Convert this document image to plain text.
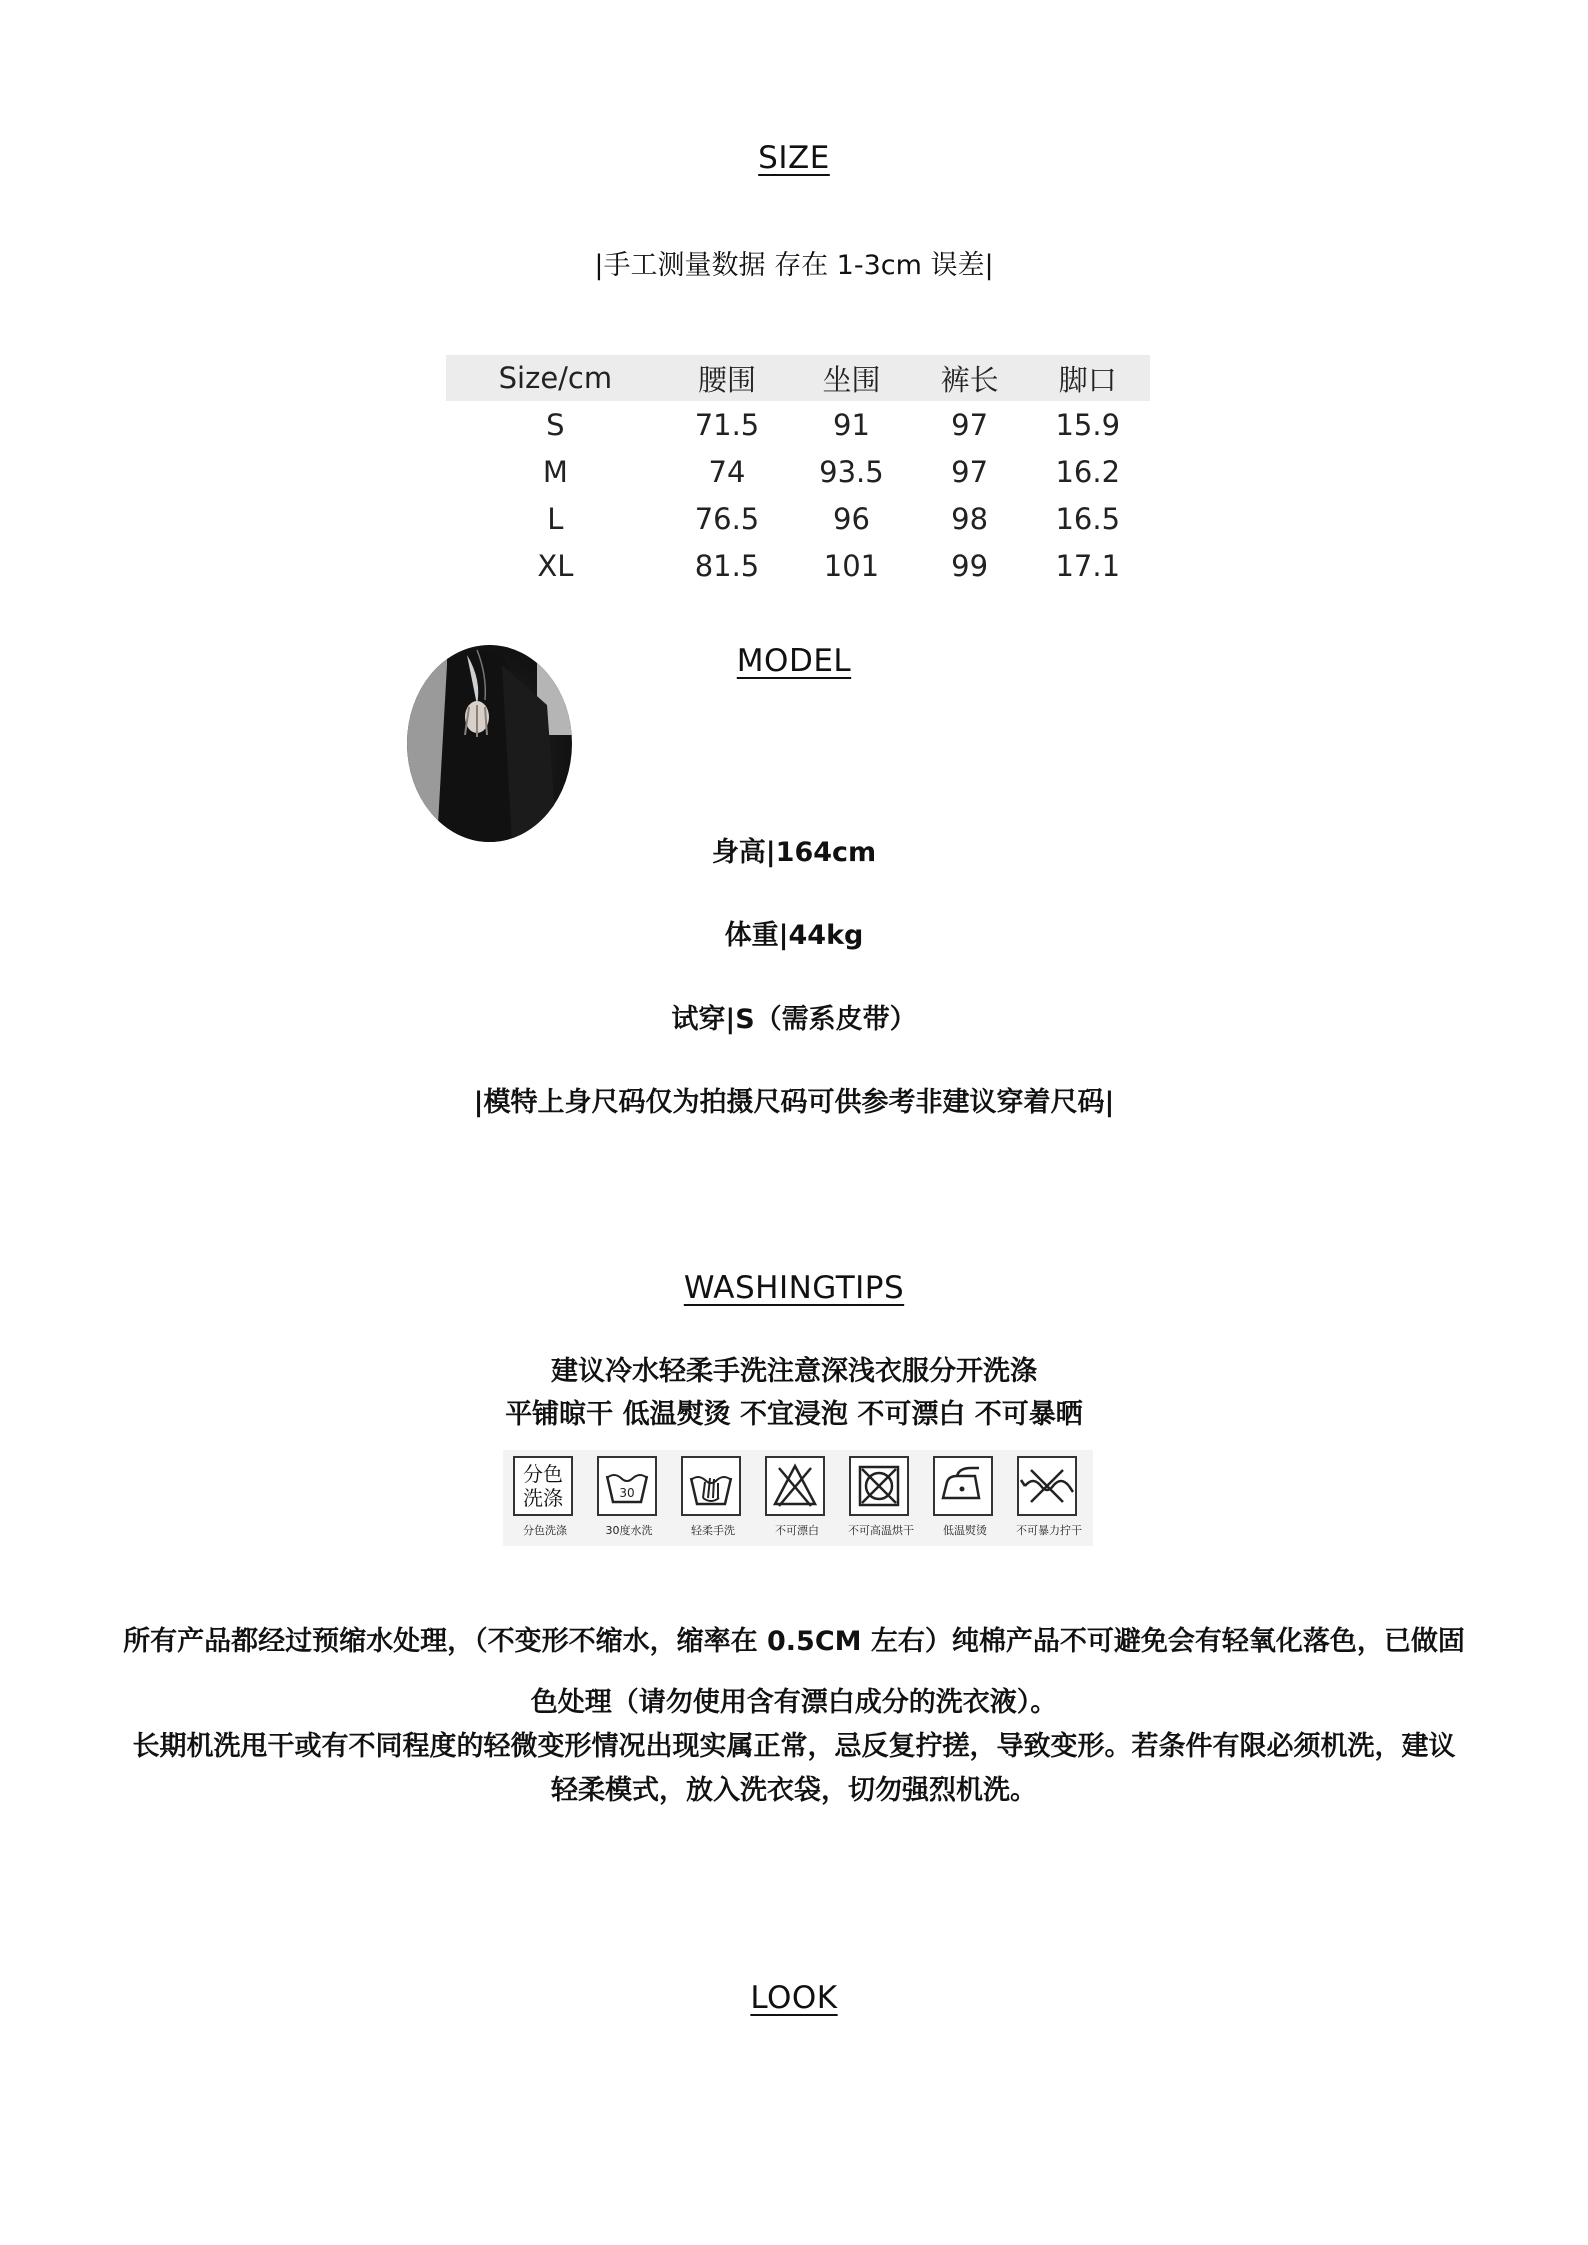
SIZE
|手工测量数据 存在 1-3cm 误差|
Size/cm	腰围	坐围	裤长	脚口
S	71.5	91	97	15.9
M	74	93.5	97	16.2
L	76.5	96	98	16.5
XL	81.5	101	99	17.1
MODEL
身高|164cm
体重|44kg
试穿|S（需系皮带）
|模特上身尺码仅为拍摄尺码可供参考非建议穿着尺码|
WASHINGTIPS
建议冷水轻柔手洗注意深浅衣服分开洗涤
平铺晾干 低温熨烫 不宜浸泡 不可漂白 不可暴晒
分色
洗涤
分色洗涤
30
30度水洗	轻柔手洗	不可漂白	不可高温烘干	低温熨烫	不可暴力拧干
所有产品都经过预缩水处理，（不变形不缩水，缩率在 0.5CM 左右）纯棉产品不可避免会有轻氧化落色，已做固
色处理（请勿使用含有漂白成分的洗衣液）。
长期机洗甩干或有不同程度的轻微变形情况出现实属正常，忌反复拧搓，导致变形。若条件有限必须机洗，建议
轻柔模式，放入洗衣袋，切勿强烈机洗。
LOOK
